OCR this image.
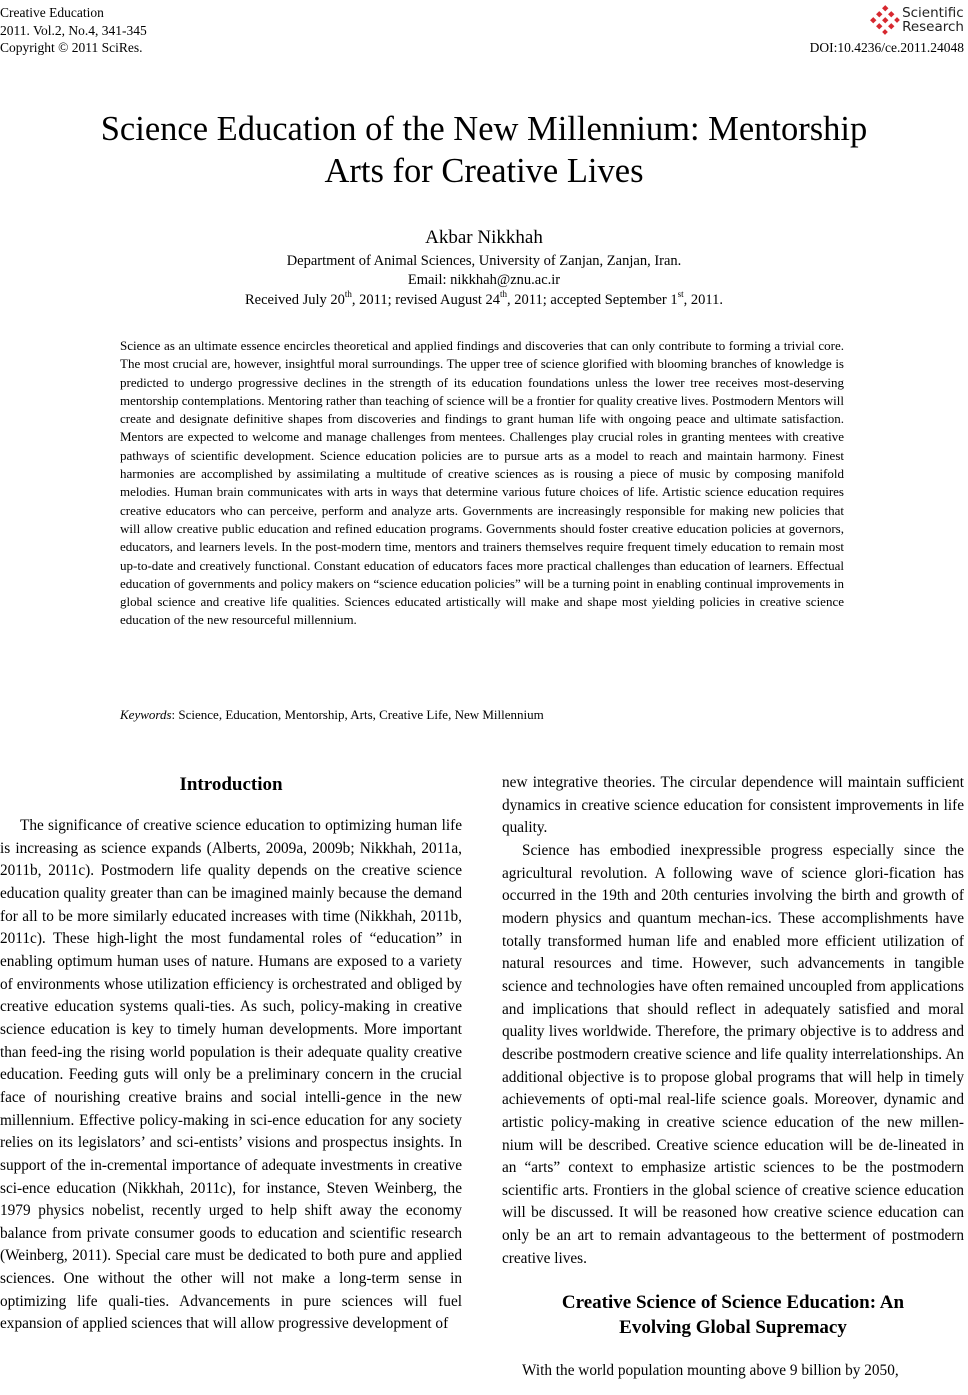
Creative Education
2011. Vol.2, No.4, 341-345
Copyright © 2011 SciRes.
Scientific
Research
DOI:10.4236/ce.2011.24048
Science Education of the New Millennium: Mentorship
Arts for Creative Lives
Akbar Nikkhah
Department of Animal Sciences, University of Zanjan, Zanjan, Iran.
Email: nikkhah@znu.ac.ir
Received July 20th, 2011; revised August 24th, 2011; accepted September 1st, 2011.
Science as an ultimate essence encircles theoretical and applied findings and discoveries that can only contribute to forming a trivial core. The most crucial are, however, insightful moral surroundings. The upper tree of science glorified with blooming branches of knowledge is predicted to undergo progressive declines in the strength of its education foundations unless the lower tree receives most-deserving mentorship contemplations. Mentoring rather than teaching of science will be a frontier for quality creative lives. Postmodern Mentors will create and designate definitive shapes from discoveries and findings to grant human life with ongoing peace and ultimate satisfaction. Mentors are expected to welcome and manage challenges from mentees. Challenges play crucial roles in granting mentees with creative pathways of scientific development. Science education policies are to pursue arts as a model to reach and maintain harmony. Finest harmonies are accomplished by assimilating a multitude of creative sciences as is rousing a piece of music by composing manifold melodies. Human brain communicates with arts in ways that determine various future choices of life. Artistic science education requires creative educators who can perceive, perform and analyze arts. Governments are increasingly responsible for making new policies that will allow creative public education and refined education programs. Governments should foster creative education policies at governors, educators, and learners levels. In the post-modern time, mentors and trainers themselves require frequent timely education to remain most up-to-date and creatively functional. Constant education of educators faces more practical challenges than education of learners. Effectual education of governments and policy makers on “science education policies” will be a turning point in enabling continual improvements in global science and creative life qualities. Sciences educated artistically will make and shape most yielding policies in creative science education of the new resourceful millennium.
Keywords: Science, Education, Mentorship, Arts, Creative Life, New Millennium
Introduction

The significance of creative science education to optimizing human life is increasing as science expands (Alberts, 2009a, 2009b; Nikkhah, 2011a, 2011b, 2011c). Postmodern life quality depends on the creative science education quality greater than can be imagined mainly because the demand for all to be more similarly educated increases with time (Nikkhah, 2011b, 2011c). These high-light the most fundamental roles of “education” in enabling optimum human uses of nature. Humans are exposed to a variety of environments whose utilization efficiency is orchestrated and obliged by creative education systems quali-ties. As such, policy-making in creative science education is key to timely human developments. More important than feed-ing the rising world population is their adequate quality creative education. Feeding guts will only be a preliminary concern in the crucial face of nourishing creative brains and social intelli-gence in the new millennium. Effective policy-making in sci-ence education for any society relies on its legislators’ and sci-entists’ visions and prospectus insights. In support of the in-cremental importance of adequate investments in creative sci-ence education (Nikkhah, 2011c), for instance, Steven Weinberg, the 1979 physics nobelist, recently urged to help shift away the economy balance from private consumer goods to education and scientific research (Weinberg, 2011). Special care must be dedicated to both pure and applied sciences. One without the other will not make a long-term sense in optimizing life quali-ties. Advancements in pure sciences will fuel expansion of applied sciences that will allow progressive development of

new integrative theories. The circular dependence will maintain sufficient dynamics in creative science education for consistent improvements in life quality.

Science has embodied inexpressible progress especially since the agricultural revolution. A following wave of science glori-fication has occurred in the 19th and 20th centuries involving the birth and growth of modern physics and quantum mechan-ics. These accomplishments have totally transformed human life and enabled more efficient utilization of natural resources and time. However, such advancements in tangible science and technologies have often remained uncoupled from applications and implications that should reflect in adequately satisfied and moral quality lives worldwide. Therefore, the primary objective is to address and describe postmodern creative science and life quality interrelationships. An additional objective is to propose global programs that will help in timely achievements of opti-mal real-life science goals. Moreover, dynamic and artistic policy-making in creative science education of the new millen-nium will be described. Creative science education will be de-lineated in an “arts” context to emphasize artistic sciences to be the postmodern scientific arts. Frontiers in the global science of creative science education will be discussed. It will be reasoned how creative science education can only be an art to remain advantageous to the betterment of postmodern creative lives.

Creative Science of Science Education: An
Evolving Global Supremacy

With the world population mounting above 9 billion by 2050,
